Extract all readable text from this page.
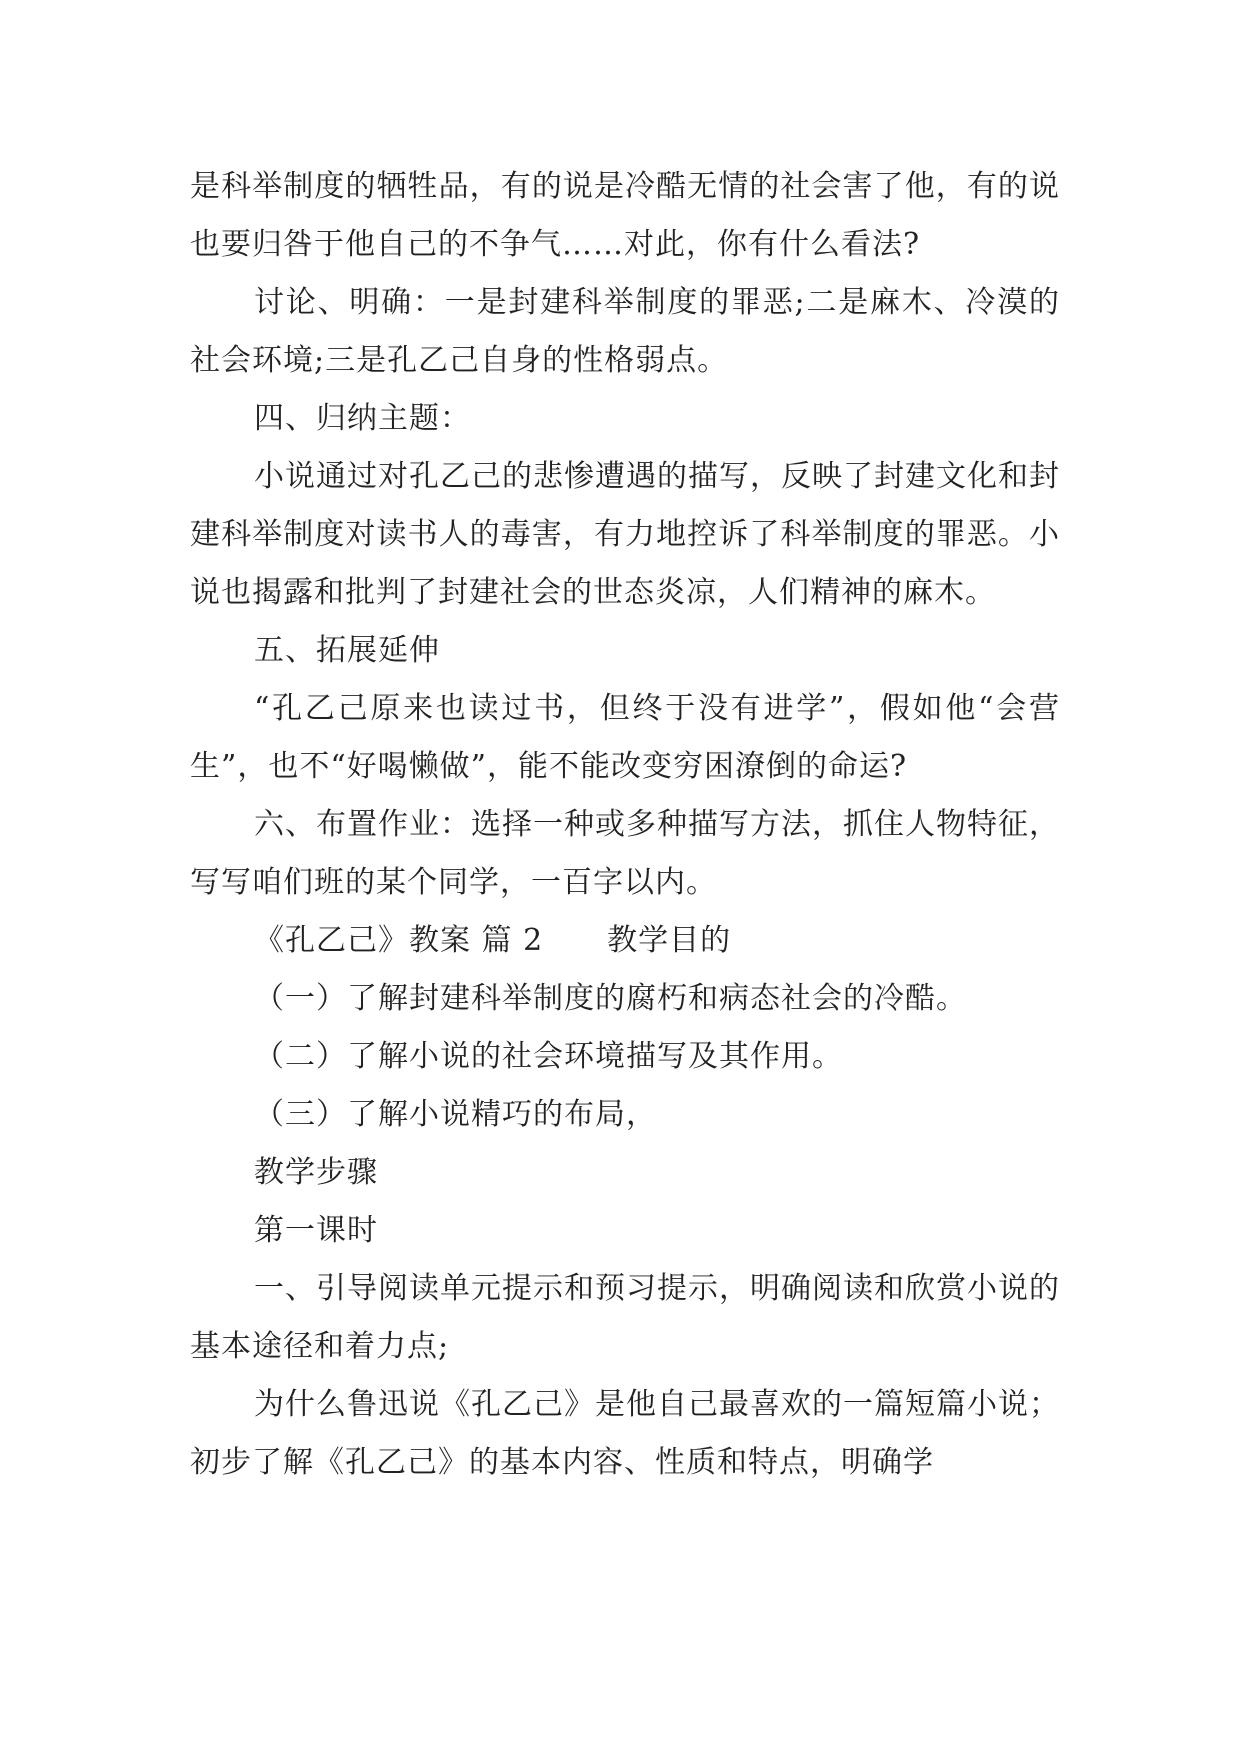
是科举制度的牺牲品，有的说是冷酷无情的社会害了他，有的说也要归咎于他自己的不争气……对此，你有什么看法?

讨论、明确：一是封建科举制度的罪恶;二是麻木、冷漠的社会环境;三是孔乙己自身的性格弱点。

四、归纳主题：

小说通过对孔乙己的悲惨遭遇的描写，反映了封建文化和封建科举制度对读书人的毒害，有力地控诉了科举制度的罪恶。小说也揭露和批判了封建社会的世态炎凉，人们精神的麻木。

五、拓展延伸

“孔乙己原来也读过书，但终于没有进学”，假如他“会营生”，也不“好喝懒做”，能不能改变穷困潦倒的命运?

六、布置作业：选择一种或多种描写方法，抓住人物特征，写写咱们班的某个同学，一百字以内。

《孔乙己》教案 篇 2 教学目的

（一）了解封建科举制度的腐朽和病态社会的冷酷。

（二）了解小说的社会环境描写及其作用。

（三）了解小说精巧的布局，

教学步骤

第一课时

一、引导阅读单元提示和预习提示，明确阅读和欣赏小说的基本途径和着力点;

为什么鲁迅说《孔乙己》是他自己最喜欢的一篇短篇小说；初步了解《孔乙己》的基本内容、性质和特点，明确学
